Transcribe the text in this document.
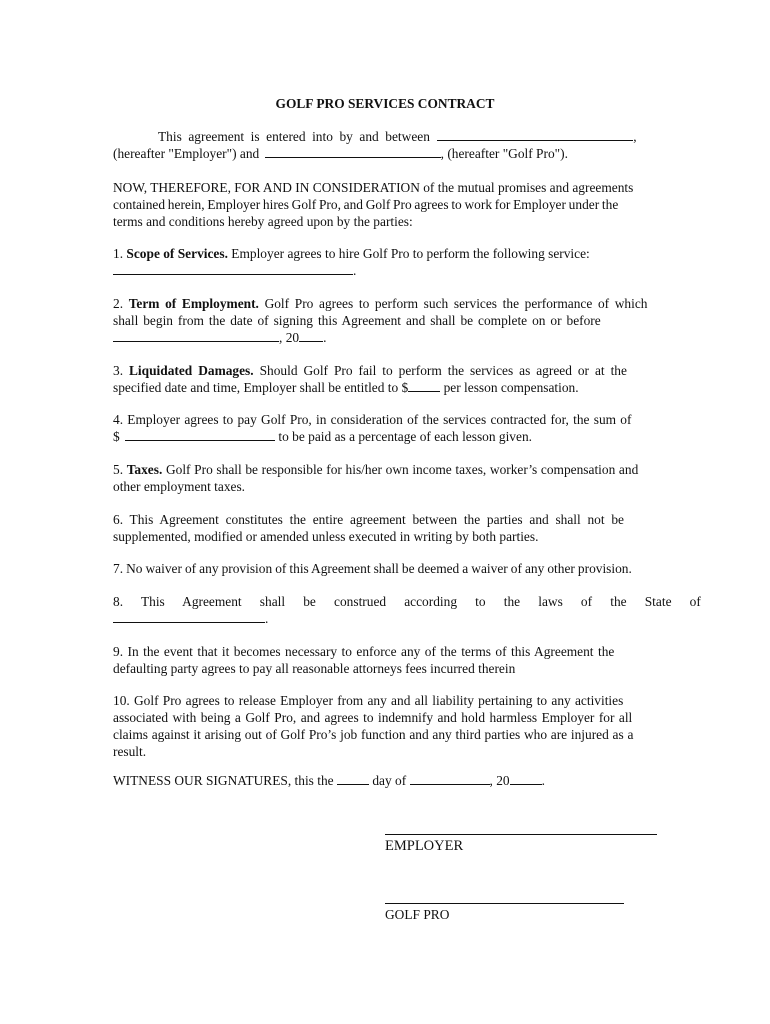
GOLF PRO SERVICES CONTRACT
This agreement is entered into by and between	,
(hereafter "Employer") and	, (hereafter "Golf Pro").
NOW, THEREFORE, FOR AND IN CONSIDERATION of the mutual promises and agreements
contained herein, Employer hires Golf Pro, and Golf Pro agrees to work for Employer under the
terms and conditions hereby agreed upon by the parties:
1. Scope of Services. Employer agrees to hire Golf Pro to perform the following service:
.
2. Term of Employment. Golf Pro agrees to perform such services the performance of which
shall begin from the date of signing this Agreement and shall be complete on or before
, 20 .
3. Liquidated Damages. Should Golf Pro fail to perform the services as agreed or at the
specified date and time, Employer shall be entitled to $	per lesson compensation.
4. Employer agrees to pay Golf Pro, in consideration of the services contracted for, the sum of
$	to be paid as a percentage of each lesson given.
5. Taxes. Golf Pro shall be responsible for his/her own income taxes, worker’s compensation and
other employment taxes.
6. This Agreement constitutes the entire agreement between the parties and shall not be
supplemented, modified or amended unless executed in writing by both parties.
7. No waiver of any provision of this Agreement shall be deemed a waiver of any other provision.
8. This Agreement shall be construed according to the laws of the State of
.
9. In the event that it becomes necessary to enforce any of the terms of this Agreement the
defaulting party agrees to pay all reasonable attorneys fees incurred therein
10. Golf Pro agrees to release Employer from any and all liability pertaining to any activities
associated with being a Golf Pro, and agrees to indemnify and hold harmless Employer for all
claims against it arising out of Golf Pro’s job function and any third parties who are injured as a
result.
WITNESS OUR SIGNATURES, this the	day of	, 20 .
EMPLOYER
GOLF PRO
